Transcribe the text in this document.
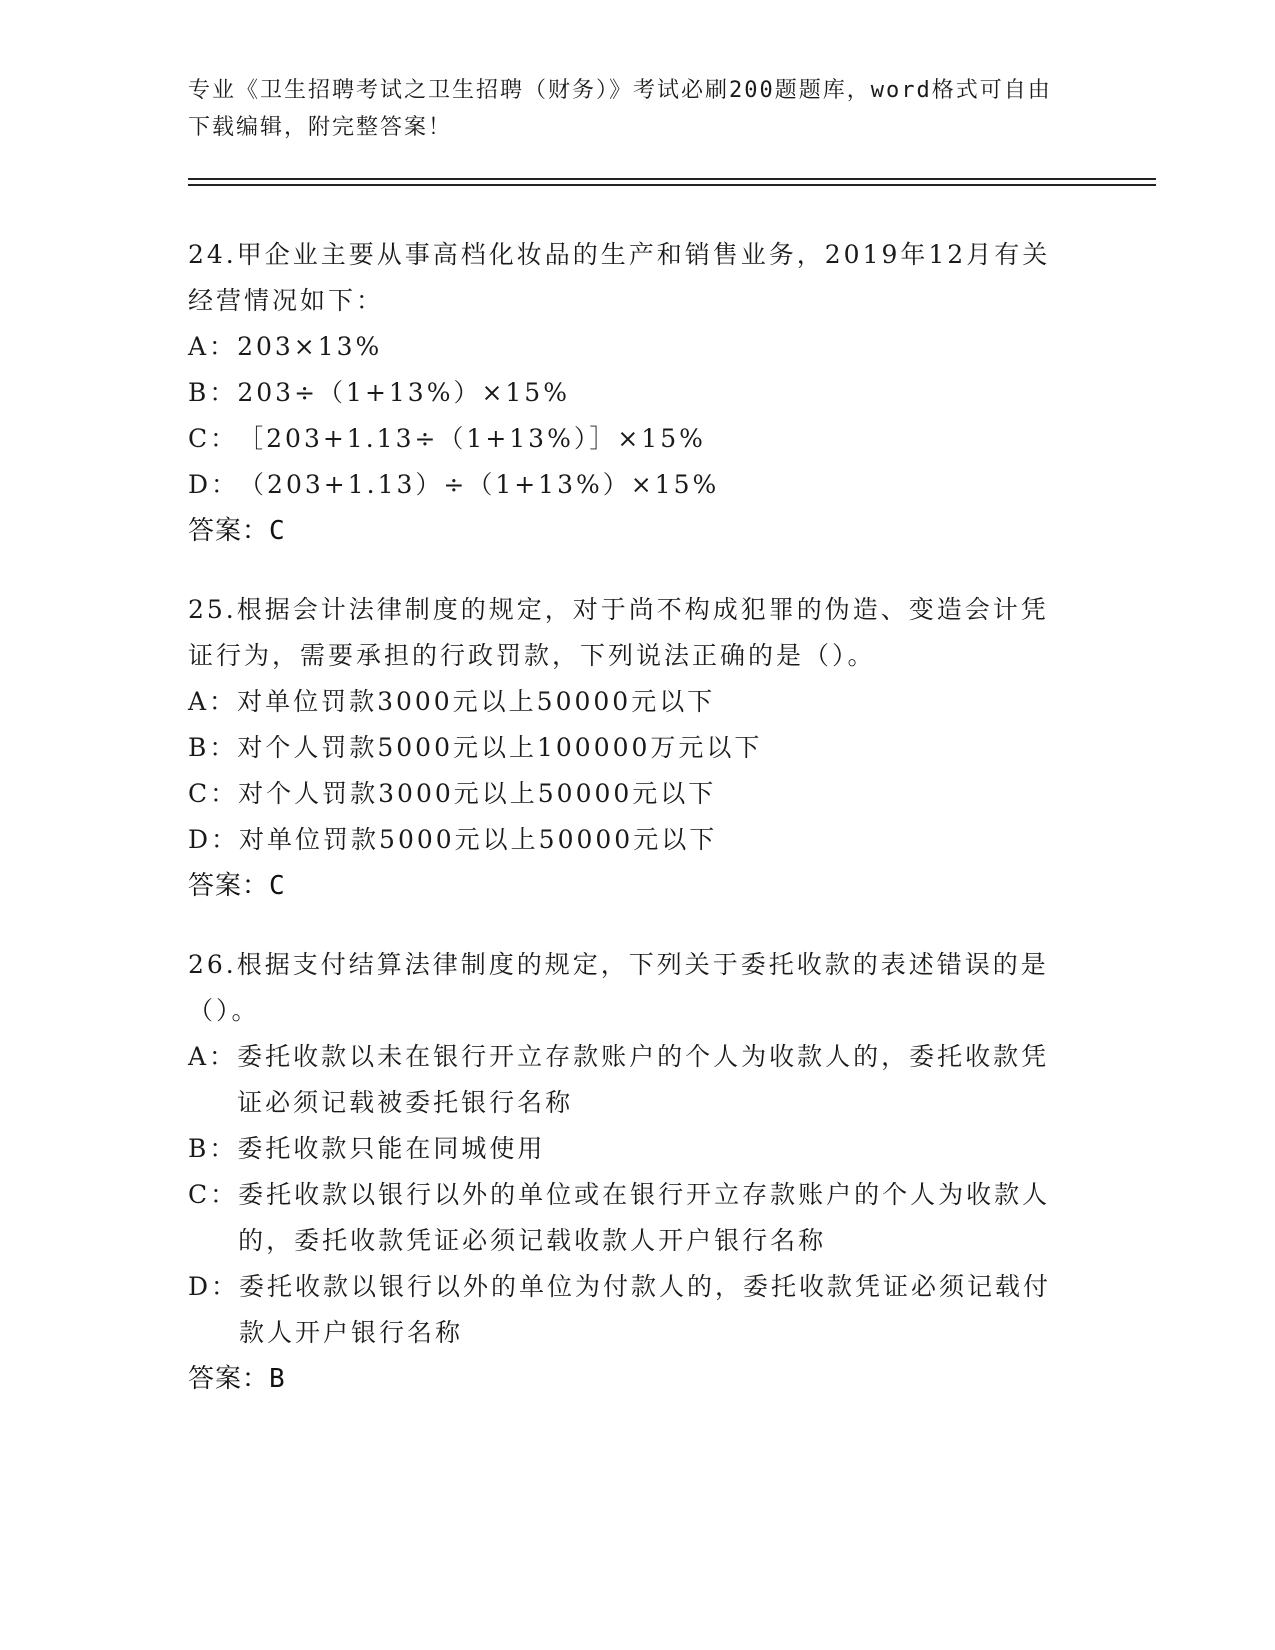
专业《卫生招聘考试之卫生招聘（财务）》考试必刷200题题库，word格式可自由下载编辑，附完整答案！
24.甲企业主要从事高档化妆品的生产和销售业务，2019年12月有关经营情况如下：
A： 203×13%
B： 203÷（1+13%）×15%
C： ［203+1.13÷（1+13%）］×15%
D： （203+1.13）÷（1+13%）×15%
答案：C
25.根据会计法律制度的规定，对于尚不构成犯罪的伪造、变造会计凭证行为，需要承担的行政罚款，下列说法正确的是（）。
A： 对单位罚款3000元以上50000元以下
B： 对个人罚款5000元以上100000万元以下
C： 对个人罚款3000元以上50000元以下
D： 对单位罚款5000元以上50000元以下
答案：C
26.根据支付结算法律制度的规定，下列关于委托收款的表述错误的是（）。
A： 委托收款以未在银行开立存款账户的个人为收款人的，委托收款凭证必须记载被委托银行名称
B： 委托收款只能在同城使用
C： 委托收款以银行以外的单位或在银行开立存款账户的个人为收款人的，委托收款凭证必须记载收款人开户银行名称
D： 委托收款以银行以外的单位为付款人的，委托收款凭证必须记载付款人开户银行名称
答案：B
